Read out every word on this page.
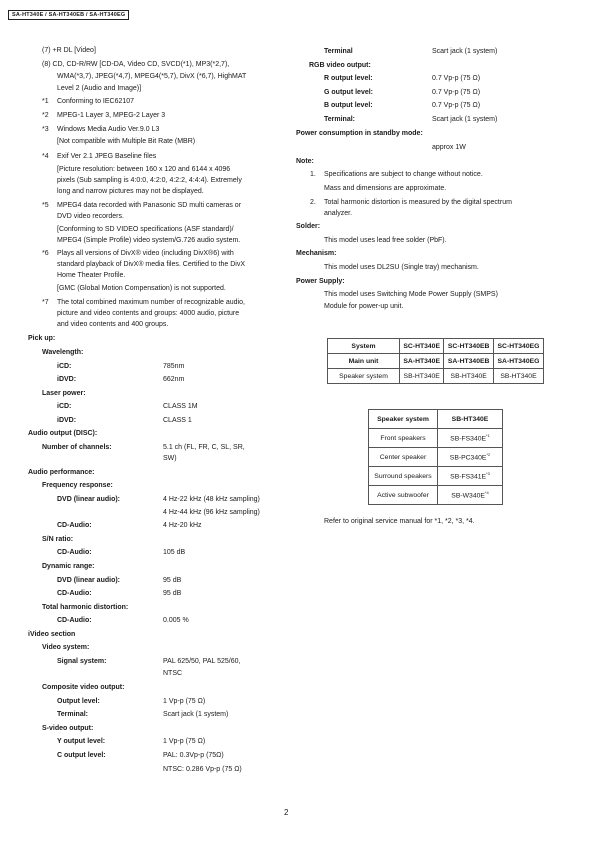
SA-HT340E / SA-HT340EB / SA-HT340EG
(7) +R DL [Video]
(8) CD, CD-R/RW [CD-DA, Video CD, SVCD(*1), MP3(*2,7),
WMA(*3,7), JPEG(*4,7), MPEG4(*5,7), DivX (*6,7), HighMAT
Level 2 (Audio and Image)]
*1 Conforming to IEC62107
*2 MPEG-1 Layer 3, MPEG-2 Layer 3
*3 Windows Media Audio Ver.9.0 L3
[Not compatible with Multiple Bit Rate (MBR)
*4 Exif Ver 2.1 JPEG Baseline files
[Picture resolution: between 160 x 120 and 6144 x 4096
pixels (Sub sampling is 4:0:0, 4:2:0, 4:2:2, 4:4:4). Extremely
long and narrow pictures may not be displayed.
*5 MPEG4 data recorded with Panasonic SD multi cameras or
DVD video recorders.
[Conforming to SD VIDEO specifications (ASF standard)/
MPEG4 (Simple Profile) video system/G.726 audio system.
*6 Plays all versions of DivX® video (including DivX®6) with
standard playback of DivX® media files. Certified to the DivX
Home Theater Profile.
[GMC (Global Motion Compensation) is not supported.
*7 The total combined maximum number of recognizable audio,
picture and video contents and groups: 4000 audio, picture
and video contents and 400 groups.
Pick up:
Wavelength:
iCD:	785nm
iDVD:	662nm
Laser power:
iCD:	CLASS 1M
iDVD:	CLASS 1
Audio output (DISC):
Number of channels:	5.1 ch (FL, FR, C, SL, SR,
SW)
Audio performance:
Frequency response:
DVD (linear audio):	4 Hz-22 kHz (48 kHz sampling)
4 Hz-44 kHz (96 kHz sampling)
CD-Audio:	4 Hz-20 kHz
S/N ratio:
CD-Audio:	105 dB
Dynamic range:
DVD (linear audio):	95 dB
CD-Audio:	95 dB
Total harmonic distortion:
CD-Audio:	0.005 %
iVideo section
Video system:
Signal system:	PAL 625/50, PAL 525/60,
NTSC
Composite video output:
Output level:	1 Vp-p (75 Ω)
Terminal:	Scart jack (1 system)
S-video output:
Y output level:	1 Vp-p (75 Ω)
C output level:	PAL: 0.3Vp-p (75Ω)
NTSC: 0.286 Vp-p (75 Ω)
Terminal	Scart jack (1 system)
RGB video output:
R output level:	0.7 Vp-p (75 Ω)
G output level:	0.7 Vp-p (75 Ω)
B output level:	0.7 Vp-p (75 Ω)
Terminal:	Scart jack (1 system)
Power consumption in standby mode:
approx 1W
Note:
1. Specifications are subject to change without notice.
Mass and dimensions are approximate.
2. Total harmonic distortion is measured by the digital spectrum
analyzer.
Solder:
This model uses lead free solder (PbF).
Mechanism:
This model uses DL2SU (Single tray) mechanism.
Power Supply:
This model uses Switching Mode Power Supply (SMPS)
Module for power-up unit.
System	SC-HT340E	SC-HT340EB	SC-HT340EG
Main unit	SA-HT340E	SA-HT340EB	SA-HT340EG
Speaker system	SB-HT340E	SB-HT340E	SB-HT340E
Speaker system	SB-HT340E
Front speakers	$SB-FS340E^{*1}$
Center speaker	$SB-PC340E^{*2}$
Surround speakers	$SB-FS341E^{*3}$
Active subwoofer	$SB-W340E^{*4}$
Refer to original service manual for *1, *2, *3, *4.
2
